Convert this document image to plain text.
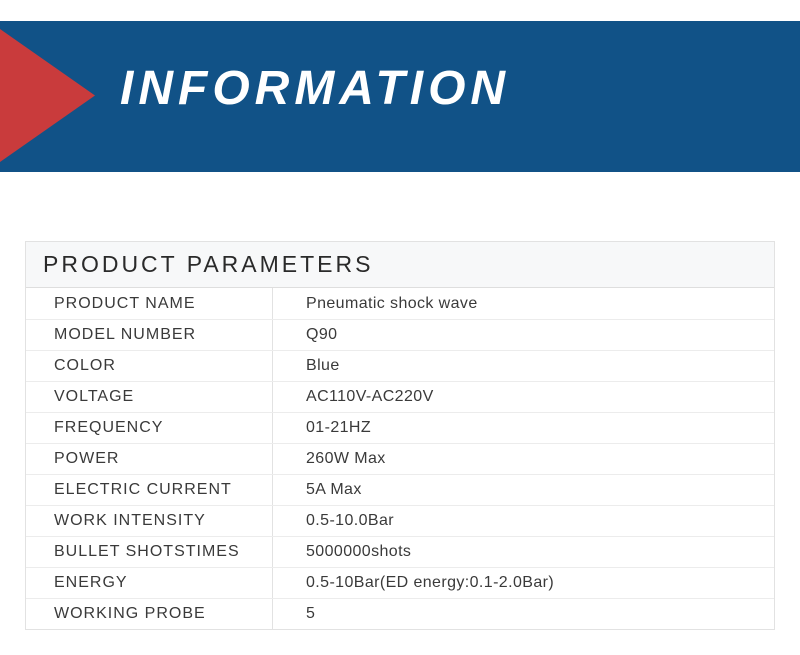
INFORMATION
PRODUCT PARAMETERS
PRODUCT NAME	Pneumatic shock wave
MODEL NUMBER	Q90
COLOR	Blue
VOLTAGE	AC110V-AC220V
FREQUENCY	01-21HZ
POWER	260W Max
ELECTRIC CURRENT	5A Max
WORK INTENSITY	0.5-10.0Bar
BULLET SHOTSTIMES	5000000shots
ENERGY	0.5-10Bar(ED energy:0.1-2.0Bar)
WORKING PROBE	5
